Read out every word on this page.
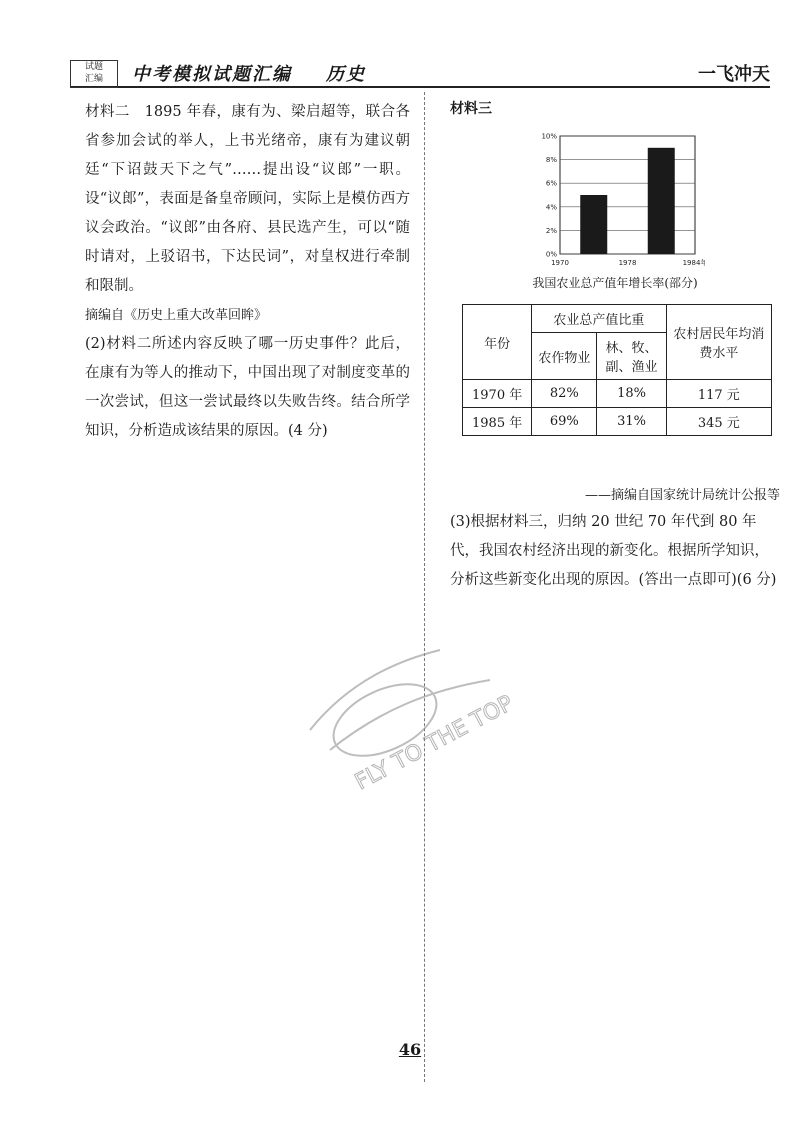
试题
汇编	中考模拟试题汇编 历史	一飞冲天

材料二　1895 年春，康有为、梁启超等，联合各省参加会试的举人，上书光绪帝，康有为建议朝廷“下诏鼓天下之气”……提出设“议郎”一职。设“议郎”，表面是备皇帝顾问，实际上是模仿西方议会政治。“议郎”由各府、县民选产生，可以“随时请对，上驳诏书，下达民词”，对皇权进行牵制和限制。

摘编自《历史上重大改革回眸》

(2)材料二所述内容反映了哪一历史事件？此后，在康有为等人的推动下，中国出现了对制度变革的一次尝试，但这一尝试最终以失败告终。结合所学知识，分析造成该结果的原因。(4 分)

材料三
0%
2%
4%
6%
8%
10%
1970	1978	1984年
我国农业总产值年增长率(部分)
年份	农业总产值比重		农村居民年均消费水平
	农作物业	林、牧、副、渔业	
1970 年	82%	18%	117 元
1985 年	69%	31%	345 元
——摘编自国家统计局统计公报等
(3)根据材料三，归纳 20 世纪 70 年代到 80 年代，我国农村经济出现的新变化。根据所学知识，分析这些新变化出现的原因。(答出一点即可)(6 分)
FLY TO THE TOP
46
